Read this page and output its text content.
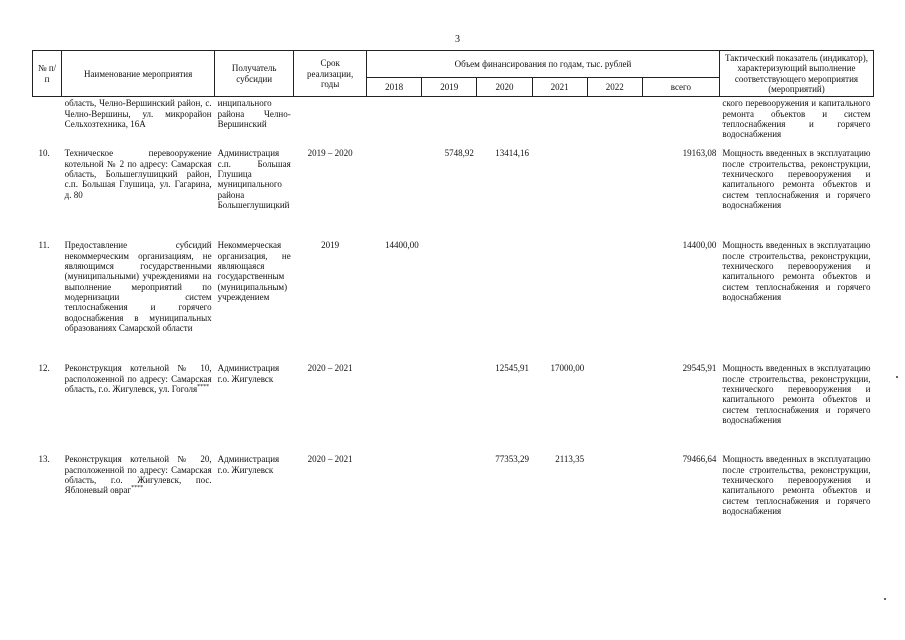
3
№ п/п	Наименование мероприятия	Получатель субсидии	Срок реализации, годы	Объем финансирования по годам, тыс. рублей						Тактический показатель (индикатор), характеризующий выполнение соответствующего мероприятия (мероприятий)
				2018	2019	2020	2021	2022	всего	
	область, Челно-Вершинский район, с. Челно-Вершины, ул. микрорайон Сельхозтехника, 16А	инципального района Челно-Вершинский								ского перевооружения и капитального ремонта объектов и систем теплоснабжения и горячего водоснабжения
10.	Техническое перевооружение котельной № 2 по адресу: Самарская область, Большеглушицкий район, с.п. Большая Глушица, ул. Гагарина, д. 80	Администрация с.п. Большая Глушица муниципального района Большеглушицкий	2019 – 2020		5748,92	13414,16			19163,08	Мощность введенных в эксплуатацию после строительства, реконструкции, технического перевооружения и капитального ремонта объектов и систем теплоснабжения и горячего водоснабжения
11.	Предоставление субсидий некоммерческим организациям, не являющимся государственными (муниципальными) учреждениями на выполнение мероприятий по модернизации систем теплоснабжения и горячего водоснабжения в муниципальных образованиях Самарской области	Некоммерческая организация, не являющаяся государственным (муниципальным) учреждением	2019	14400,00					14400,00	Мощность введенных в эксплуатацию после строительства, реконструкции, технического перевооружения и капитального ремонта объектов и систем теплоснабжения и горячего водоснабжения
12.	Реконструкция котельной № 10, расположенной по адресу: Самарская область, г.о. Жигулевск, ул. Гоголя****	Администрация г.о. Жигулевск	2020 – 2021			12545,91	17000,00		29545,91	Мощность введенных в эксплуатацию после строительства, реконструкции, технического перевооружения и капитального ремонта объектов и систем теплоснабжения и горячего водоснабжения
13.	Реконструкция котельной № 20, расположенной по адресу: Самарская область, г.о. Жигулевск, пос. Яблоневый овраг****	Администрация г.о. Жигулевск	2020 – 2021			77353,29	2113,35		79466,64	Мощность введенных в эксплуатацию после строительства, реконструкции, технического перевооружения и капитального ремонта объектов и систем теплоснабжения и горячего водоснабжения
